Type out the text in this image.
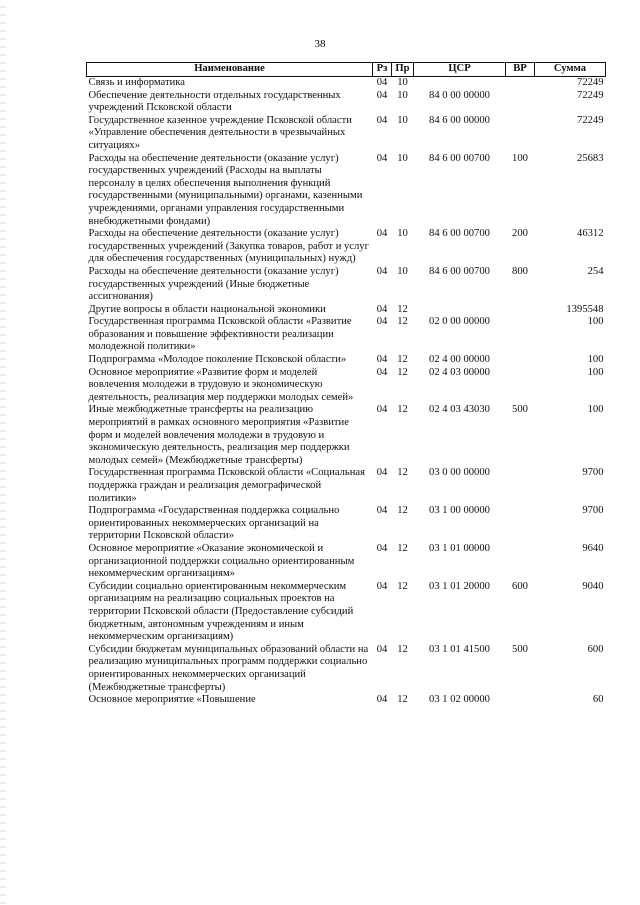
38
Наименование	Рз	Пр	ЦСР	ВР	Сумма
Связь и информатика	04	10			72249
Обеспечение деятельности отдельных государственных учреждений Псковской области	04	10	84 0 00 00000		72249
Государственное казенное учреждение Псковской области «Управление обеспечения деятельности в чрезвычайных ситуациях»	04	10	84 6 00 00000		72249
Расходы на обеспечение деятельности (оказание услуг) государственных учреждений (Расходы на выплаты персоналу в целях обеспечения выполнения функций государственными (муниципальными) органами, казенными учреждениями, органами управления государственными внебюджетными фондами)	04	10	84 6 00 00700	100	25683
Расходы на обеспечение деятельности (оказание услуг) государственных учреждений (Закупка товаров, работ и услуг для обеспечения государственных (муниципальных) нужд)	04	10	84 6 00 00700	200	46312
Расходы на обеспечение деятельности (оказание услуг) государственных учреждений (Иные бюджетные ассигнования)	04	10	84 6 00 00700	800	254
Другие вопросы в области национальной экономики	04	12			1395548
Государственная программа Псковской области «Развитие образования и повышение эффективности реализации молодежной политики»	04	12	02 0 00 00000		100
Подпрограмма «Молодое поколение Псковской области»	04	12	02 4 00 00000		100
Основное мероприятие «Развитие форм и моделей вовлечения молодежи в трудовую и экономическую деятельность, реализация мер поддержки молодых семей»	04	12	02 4 03 00000		100
Иные межбюджетные трансферты на реализацию мероприятий в рамках основного мероприятия «Развитие форм и моделей вовлечения молодежи в трудовую и экономическую деятельность, реализация мер поддержки молодых семей» (Межбюджетные трансферты)	04	12	02 4 03 43030	500	100
Государственная программа Псковской области «Социальная поддержка граждан и реализация демографической политики»	04	12	03 0 00 00000		9700
Подпрограмма «Государственная поддержка социально ориентированных некоммерческих организаций на территории Псковской области»	04	12	03 1 00 00000		9700
Основное мероприятие «Оказание экономической и организационной поддержки социально ориентированным некоммерческим организациям»	04	12	03 1 01 00000		9640
Субсидии социально ориентированным некоммерческим организациям на реализацию социальных проектов на территории Псковской области (Предоставление субсидий бюджетным, автономным учреждениям и иным некоммерческим организациям)	04	12	03 1 01 20000	600	9040
Субсидии бюджетам муниципальных образований области на реализацию муниципальных программ поддержки социально ориентированных некоммерческих организаций (Межбюджетные трансферты)	04	12	03 1 01 41500	500	600
Основное мероприятие «Повышение	04	12	03 1 02 00000		60
